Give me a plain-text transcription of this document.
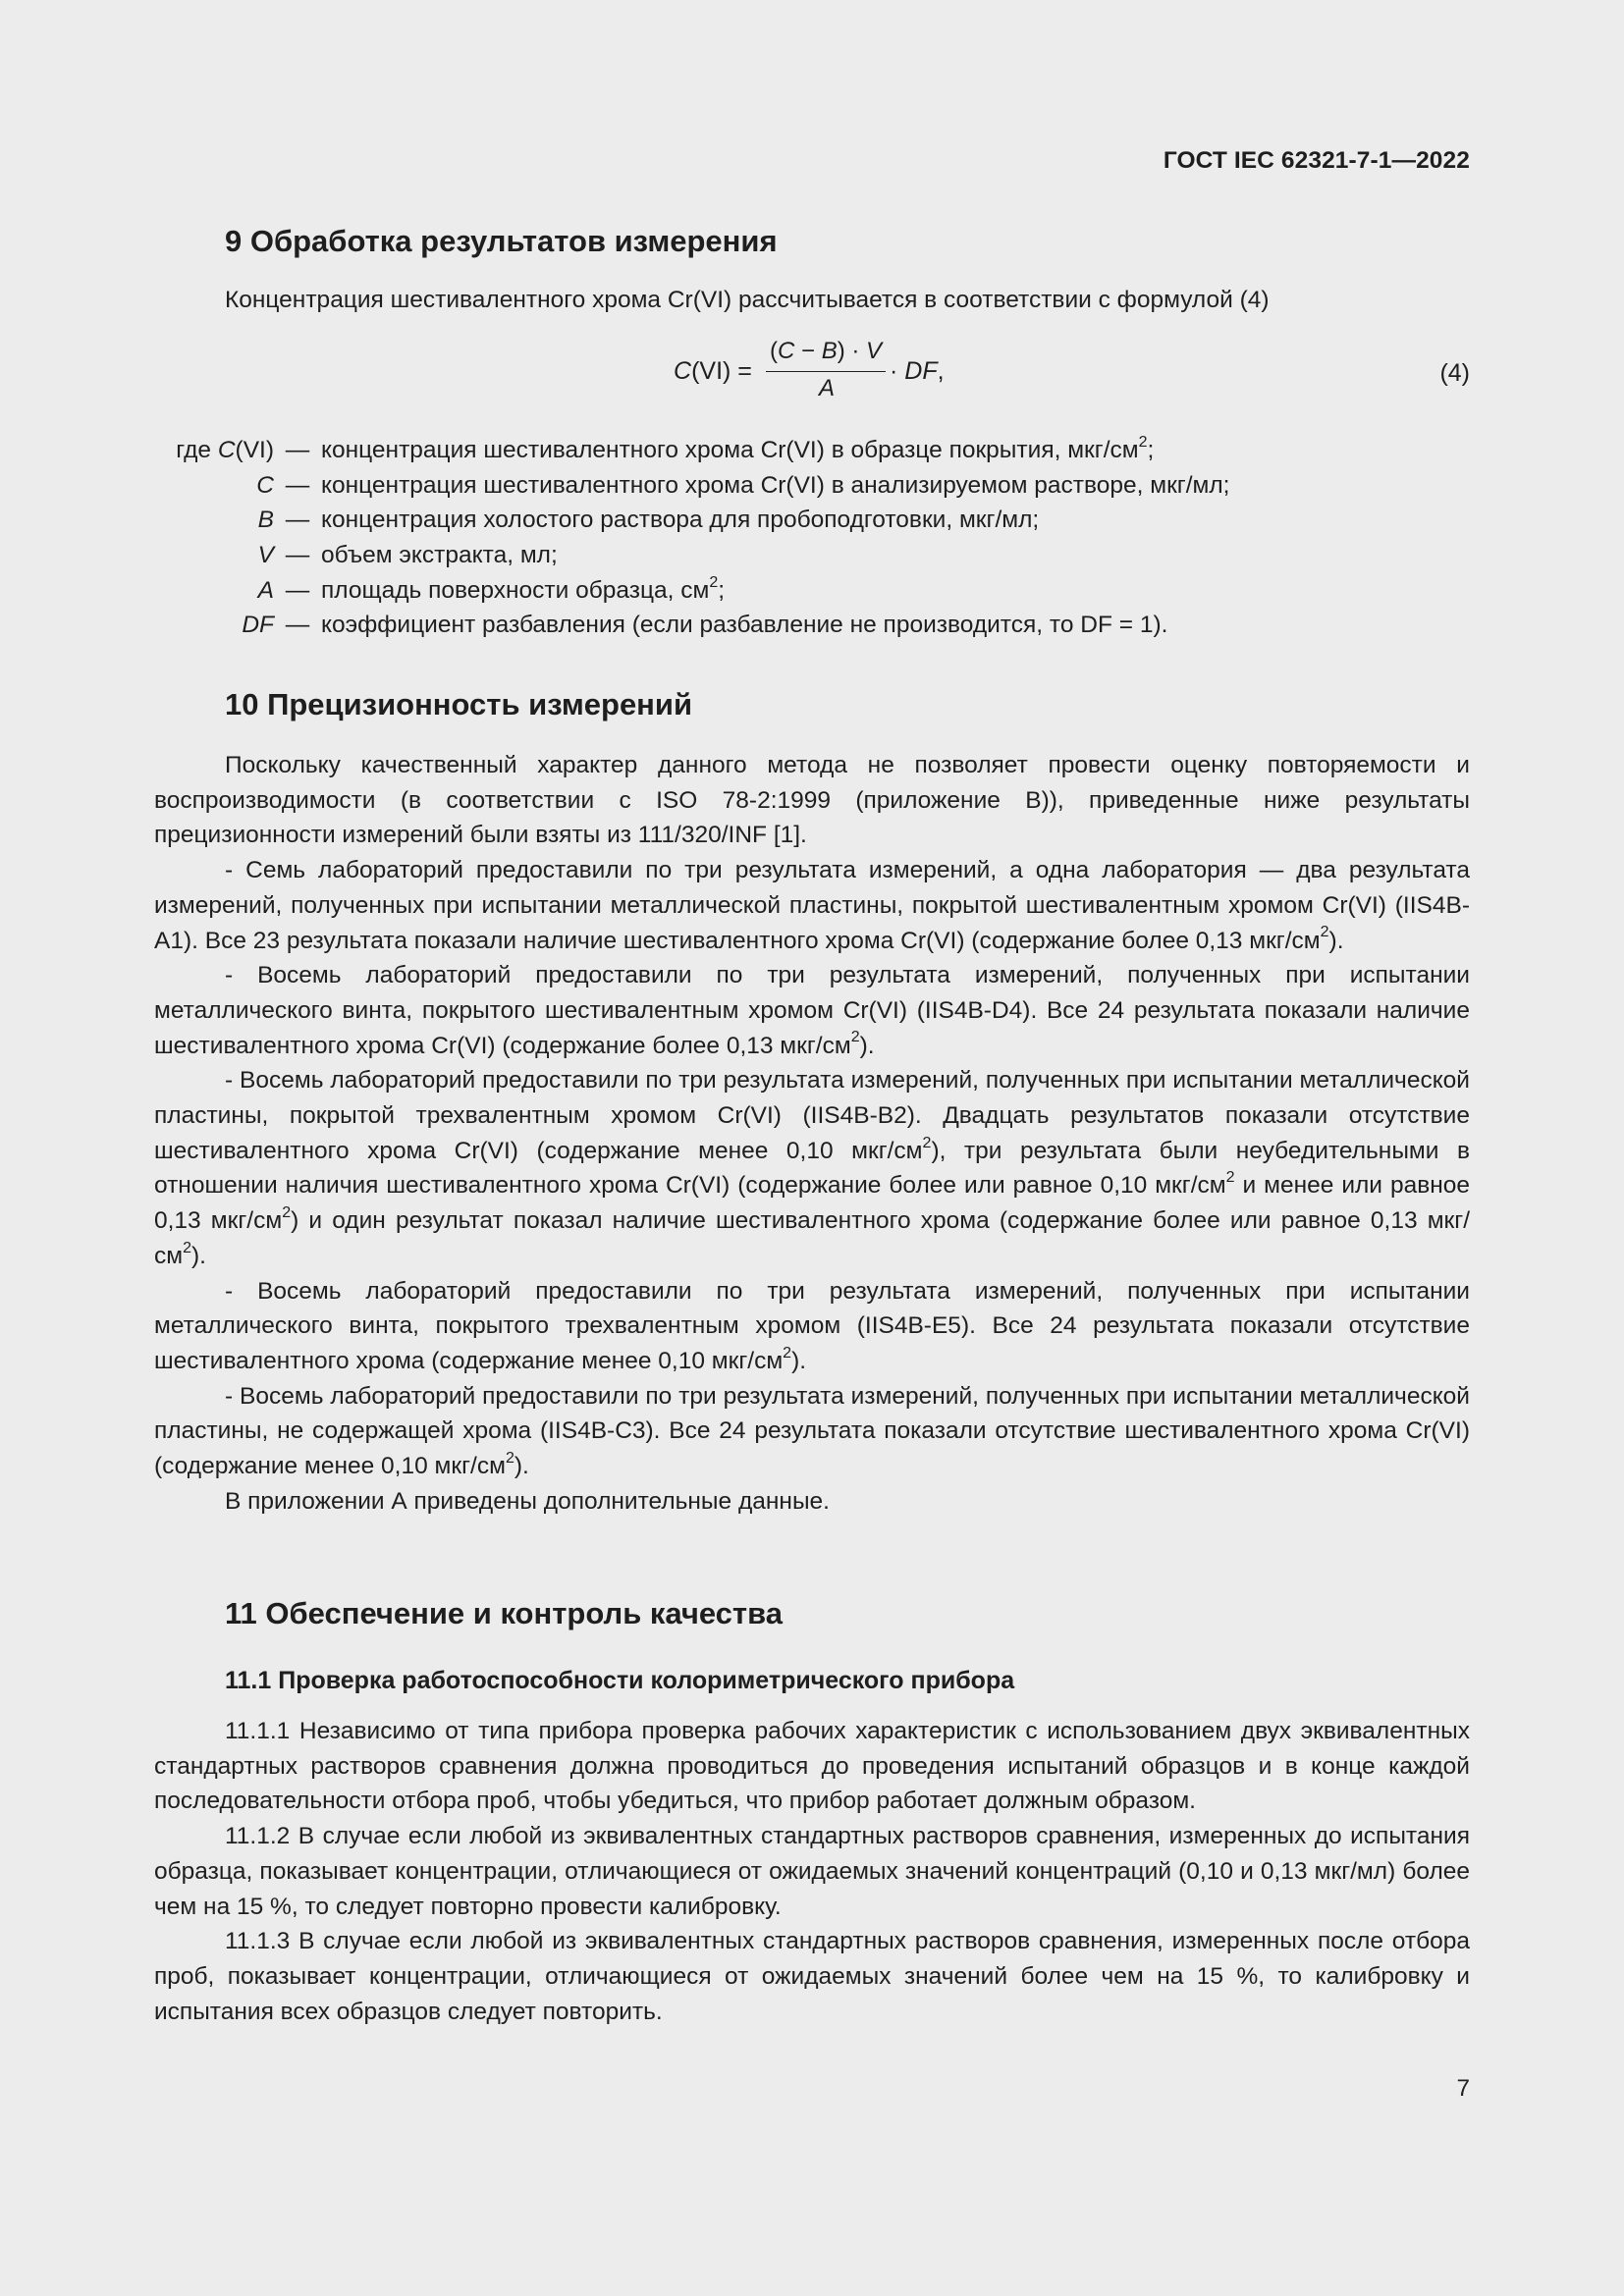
ГОСТ IEC 62321-7-1—2022
9 Обработка результатов измерения
Концентрация шестивалентного хрома Cr(VI) рассчитывается в соответствии с формулой (4)
C(VI) =
(C − B) · V
A
· DF,	(4)
где C(VI) — концентрация шестивалентного хрома Cr(VI) в образце покрытия, мкг/$см^2$;
C — концентрация шестивалентного хрома Cr(VI) в анализируемом растворе, мкг/мл;
B — концентрация холостого раствора для пробоподготовки, мкг/мл;
V — объем экстракта, мл;
A — площадь поверхности образца, $см^2$;
DF — коэффициент разбавления (если разбавление не производится, то DF = 1).
10 Прецизионность измерений

Поскольку качественный характер данного метода не позволяет провести оценку повторяемости и воспроизводимости (в соответствии с ISO 78-2:1999 (приложение В)), приведенные ниже результаты прецизионности измерений были взяты из 111/320/INF [1].

- Семь лабораторий предоставили по три результата измерений, а одна лаборатория — два результата измерений, полученных при испытании металлической пластины, покрытой шестивалентным хромом Cr(VI) (IIS4B-A1). Все 23 результата показали наличие шестивалентного хрома Cr(VI) (содержание более 0,13 мкг/$см^2$).

- Восемь лабораторий предоставили по три результата измерений, полученных при испытании металлического винта, покрытого шестивалентным хромом Cr(VI) (IIS4B-D4). Все 24 результата показали наличие шестивалентного хрома Cr(VI) (содержание более 0,13 мкг/$см^2$).

- Восемь лабораторий предоставили по три результата измерений, полученных при испытании металлической пластины, покрытой трехвалентным хромом Cr(VI) (IIS4B-B2). Двадцать результатов показали отсутствие шестивалентного хрома Cr(VI) (содержание менее 0,10 мкг/$см^2$), три результата были неубедительными в отношении наличия шестивалентного хрома Cr(VI) (содержание более или равное 0,10 мкг/$см^2$ и менее или равное 0,13 мкг/$см^2$) и один результат показал наличие шестивалентного хрома (содержание более или равное 0,13 мкг/$см^2$).

- Восемь лабораторий предоставили по три результата измерений, полученных при испытании металлического винта, покрытого трехвалентным хромом (IIS4B-E5). Все 24 результата показали отсутствие шестивалентного хрома (содержание менее 0,10 мкг/$см^2$).

- Восемь лабораторий предоставили по три результата измерений, полученных при испытании металлической пластины, не содержащей хрома (IIS4B-C3). Все 24 результата показали отсутствие шестивалентного хрома Cr(VI) (содержание менее 0,10 мкг/$см^2$).

В приложении А приведены дополнительные данные.

11 Обеспечение и контроль качества
11.1 Проверка работоспособности колориметрического прибора

11.1.1 Независимо от типа прибора проверка рабочих характеристик с использованием двух эквивалентных стандартных растворов сравнения должна проводиться до проведения испытаний образцов и в конце каждой последовательности отбора проб, чтобы убедиться, что прибор работает должным образом.

11.1.2 В случае если любой из эквивалентных стандартных растворов сравнения, измеренных до испытания образца, показывает концентрации, отличающиеся от ожидаемых значений концентраций (0,10 и 0,13 мкг/мл) более чем на 15 %, то следует повторно провести калибровку.

11.1.3 В случае если любой из эквивалентных стандартных растворов сравнения, измеренных после отбора проб, показывает концентрации, отличающиеся от ожидаемых значений более чем на 15 %, то калибровку и испытания всех образцов следует повторить.

7
